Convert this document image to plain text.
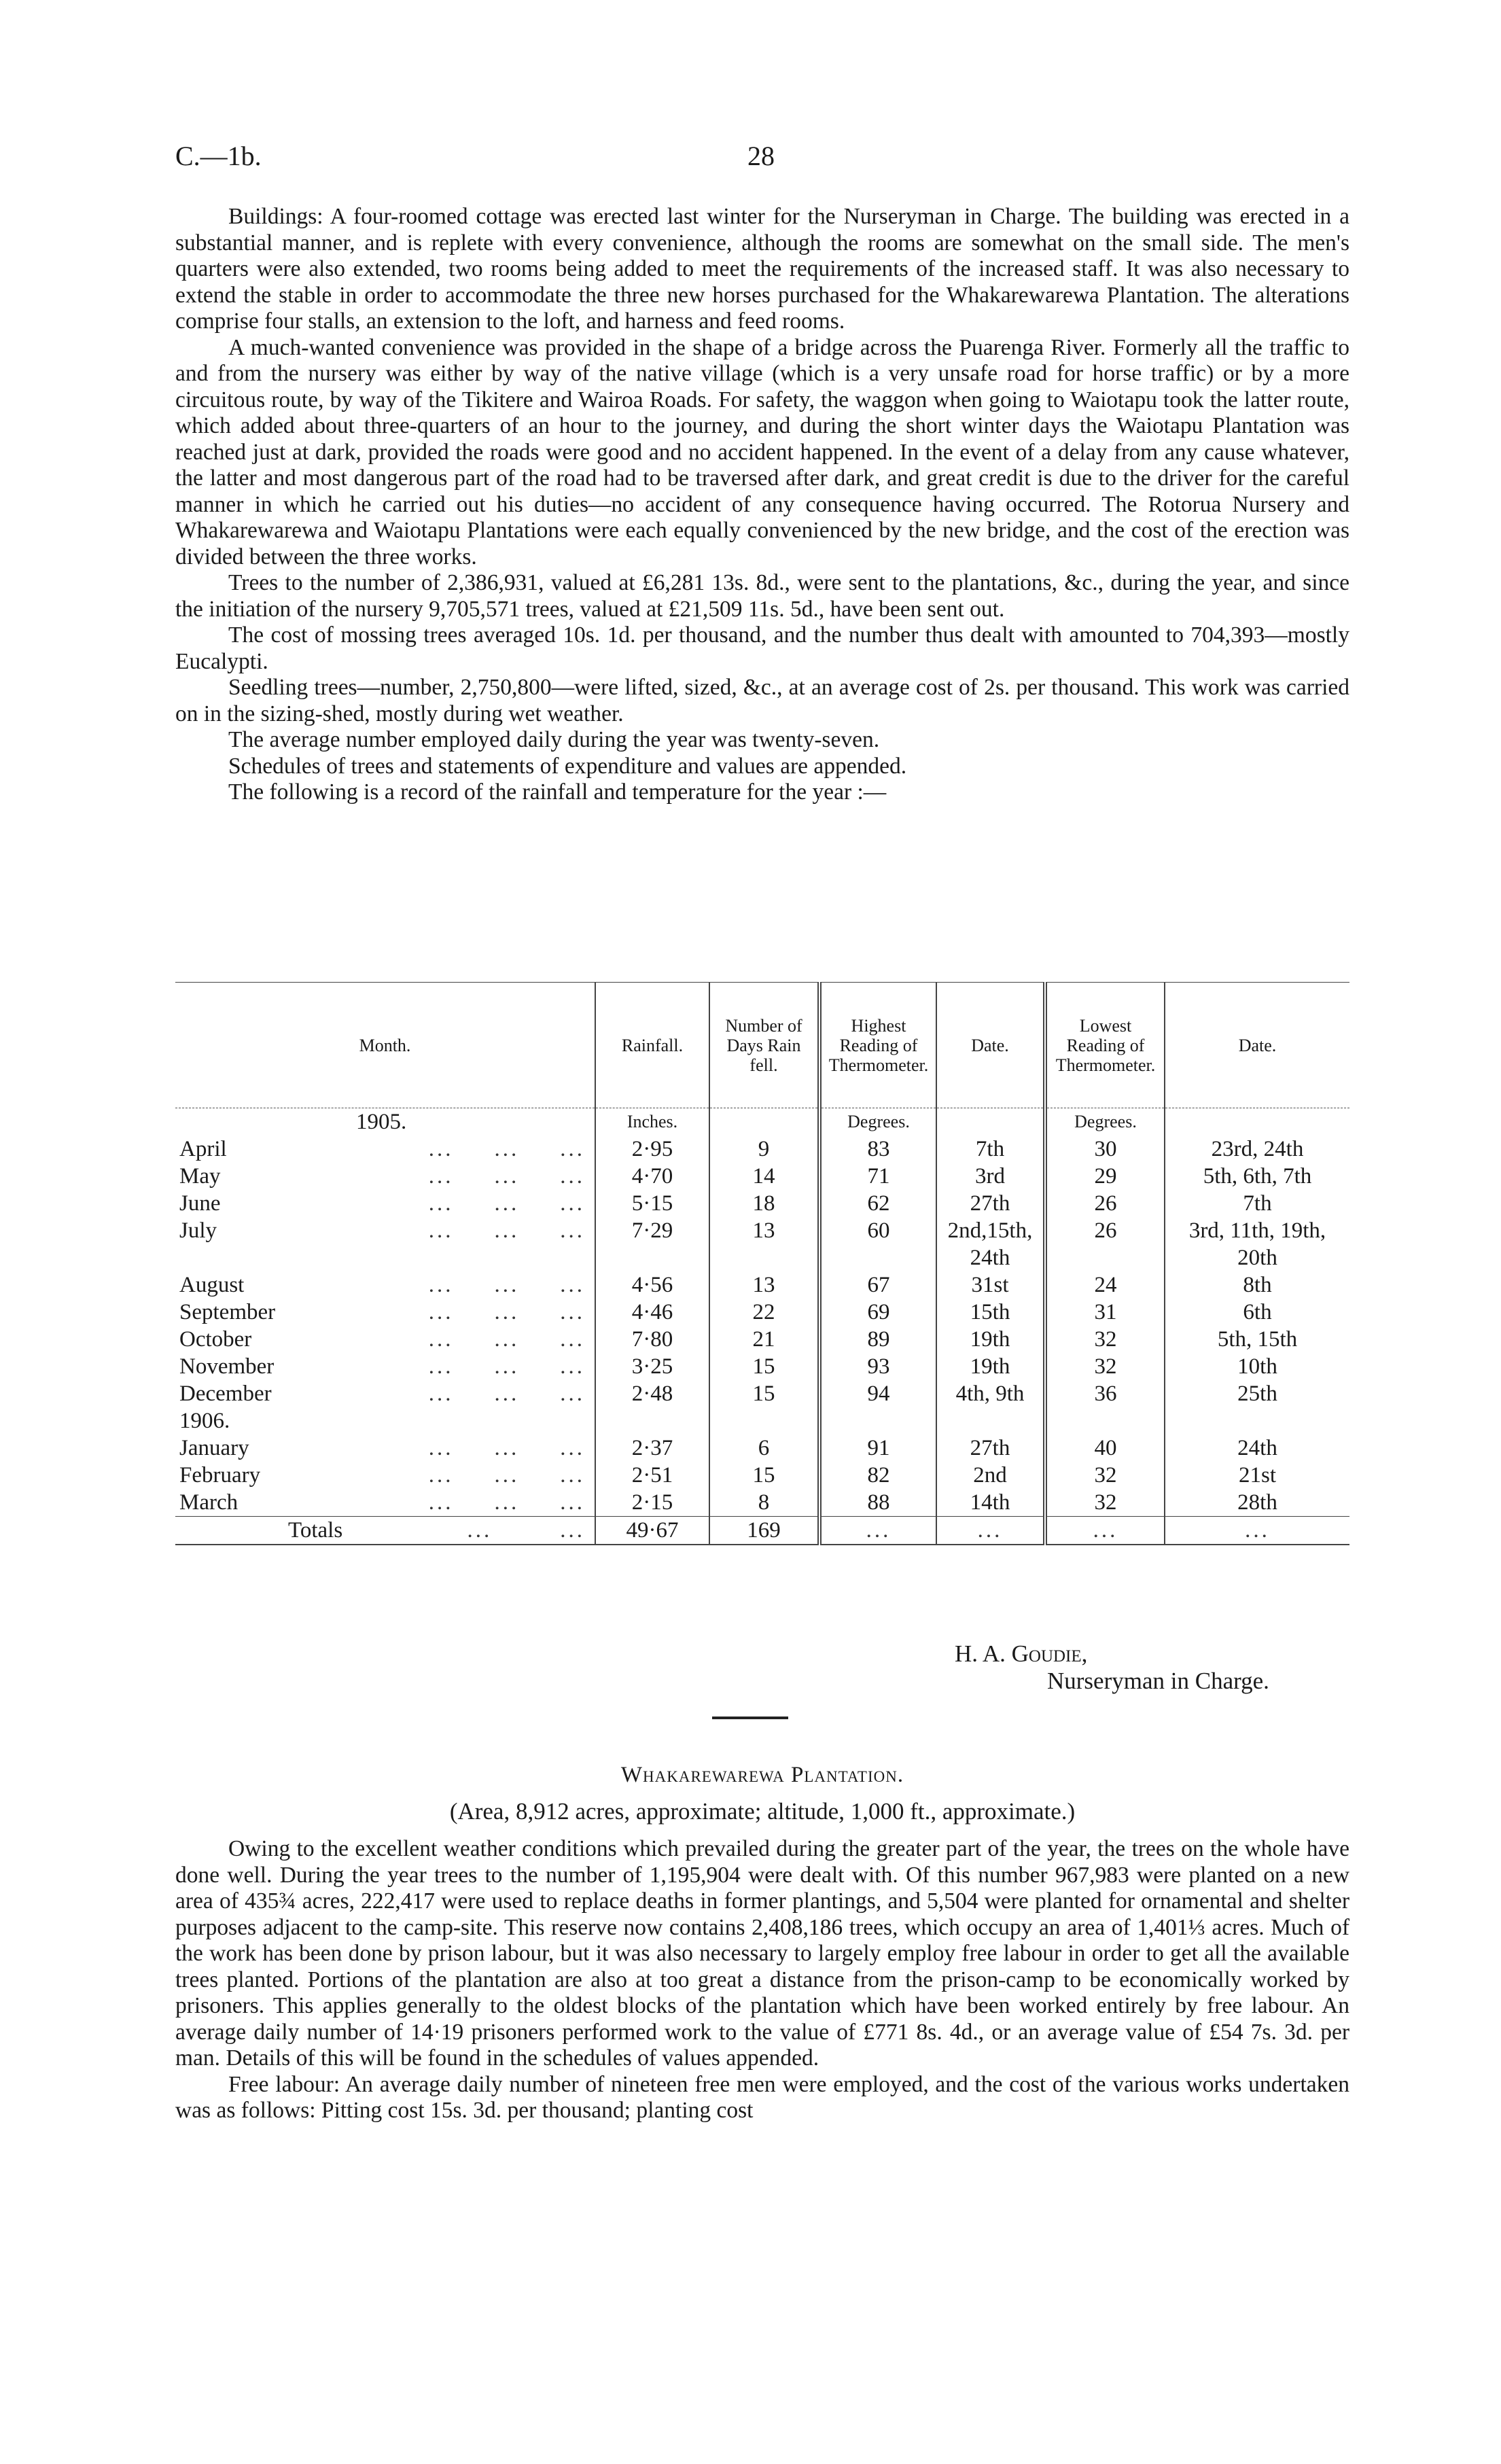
C.—1b.	28

Buildings: A four-roomed cottage was erected last winter for the Nurseryman in Charge. The building was erected in a substantial manner, and is replete with every convenience, although the rooms are somewhat on the small side. The men's quarters were also extended, two rooms being added to meet the requirements of the increased staff. It was also necessary to extend the stable in order to accommodate the three new horses purchased for the Whakarewarewa Plantation. The alterations comprise four stalls, an extension to the loft, and harness and feed rooms.

A much-wanted convenience was provided in the shape of a bridge across the Puarenga River. Formerly all the traffic to and from the nursery was either by way of the native village (which is a very unsafe road for horse traffic) or by a more circuitous route, by way of the Tikitere and Wairoa Roads. For safety, the waggon when going to Waiotapu took the latter route, which added about three-quarters of an hour to the journey, and during the short winter days the Waiotapu Plantation was reached just at dark, provided the roads were good and no accident happened. In the event of a delay from any cause whatever, the latter and most dangerous part of the road had to be traversed after dark, and great credit is due to the driver for the careful manner in which he carried out his duties—no accident of any consequence having occurred. The Rotorua Nursery and Whakarewarewa and Waiotapu Plantations were each equally convenienced by the new bridge, and the cost of the erection was divided between the three works.

Trees to the number of 2,386,931, valued at £6,281 13s. 8d., were sent to the plantations, &c., during the year, and since the initiation of the nursery 9,705,571 trees, valued at £21,509 11s. 5d., have been sent out.

The cost of mossing trees averaged 10s. 1d. per thousand, and the number thus dealt with amounted to 704,393—mostly Eucalypti.

Seedling trees—number, 2,750,800—were lifted, sized, &c., at an average cost of 2s. per thousand. This work was carried on in the sizing-shed, mostly during wet weather.

The average number employed daily during the year was twenty-seven.

Schedules of trees and statements of expenditure and values are appended.

The following is a record of the rainfall and temperature for the year :—

Month.	Rainfall.	Number of Days Rain fell.	Highest Reading of Thermometer.	Date.	Lowest Reading of Thermometer.	Date.
1905.	Inches.		Degrees.		Degrees.	

April ... ... ...	2·95	9	83	7th	30	23rd, 24th

May ... ... ...	4·70	14	71	3rd	29	5th, 6th, 7th

June ... ... ...	5·15	18	62	27th	26	7th

July ... ... ...	7·29	13	60	2nd,15th, 24th	26	3rd, 11th, 19th, 20th

August ... ... ...	4·56	13	67	31st	24	8th

September ... ... ...	4·46	22	69	15th	31	6th

October ... ... ...	7·80	21	89	19th	32	5th, 15th

November ... ... ...	3·25	15	93	19th	32	10th

December ... ... ...	2·48	15	94	4th, 9th	36	25th
1906.						

January ... ... ...	2·37	6	91	27th	40	24th

February ... ... ...	2·51	15	82	2nd	32	21st

March ... ... ...	2·15	8	88	14th	32	28th

Totals ... ...	49·67	169	...	...	...	...
H. A. Goudie,
Nurseryman in Charge.
Whakarewarewa Plantation.
(Area, 8,912 acres, approximate; altitude, 1,000 ft., approximate.)

Owing to the excellent weather conditions which prevailed during the greater part of the year, the trees on the whole have done well. During the year trees to the number of 1,195,904 were dealt with. Of this number 967,983 were planted on a new area of 435¾ acres, 222,417 were used to replace deaths in former plantings, and 5,504 were planted for ornamental and shelter purposes adjacent to the camp-site. This reserve now contains 2,408,186 trees, which occupy an area of 1,401⅓ acres. Much of the work has been done by prison labour, but it was also necessary to largely employ free labour in order to get all the available trees planted. Portions of the plantation are also at too great a distance from the prison-camp to be economically worked by prisoners. This applies generally to the oldest blocks of the plantation which have been worked entirely by free labour. An average daily number of 14·19 prisoners performed work to the value of £771 8s. 4d., or an average value of £54 7s. 3d. per man. Details of this will be found in the schedules of values appended.

Free labour: An average daily number of nineteen free men were employed, and the cost of the various works undertaken was as follows: Pitting cost 15s. 3d. per thousand; planting cost
